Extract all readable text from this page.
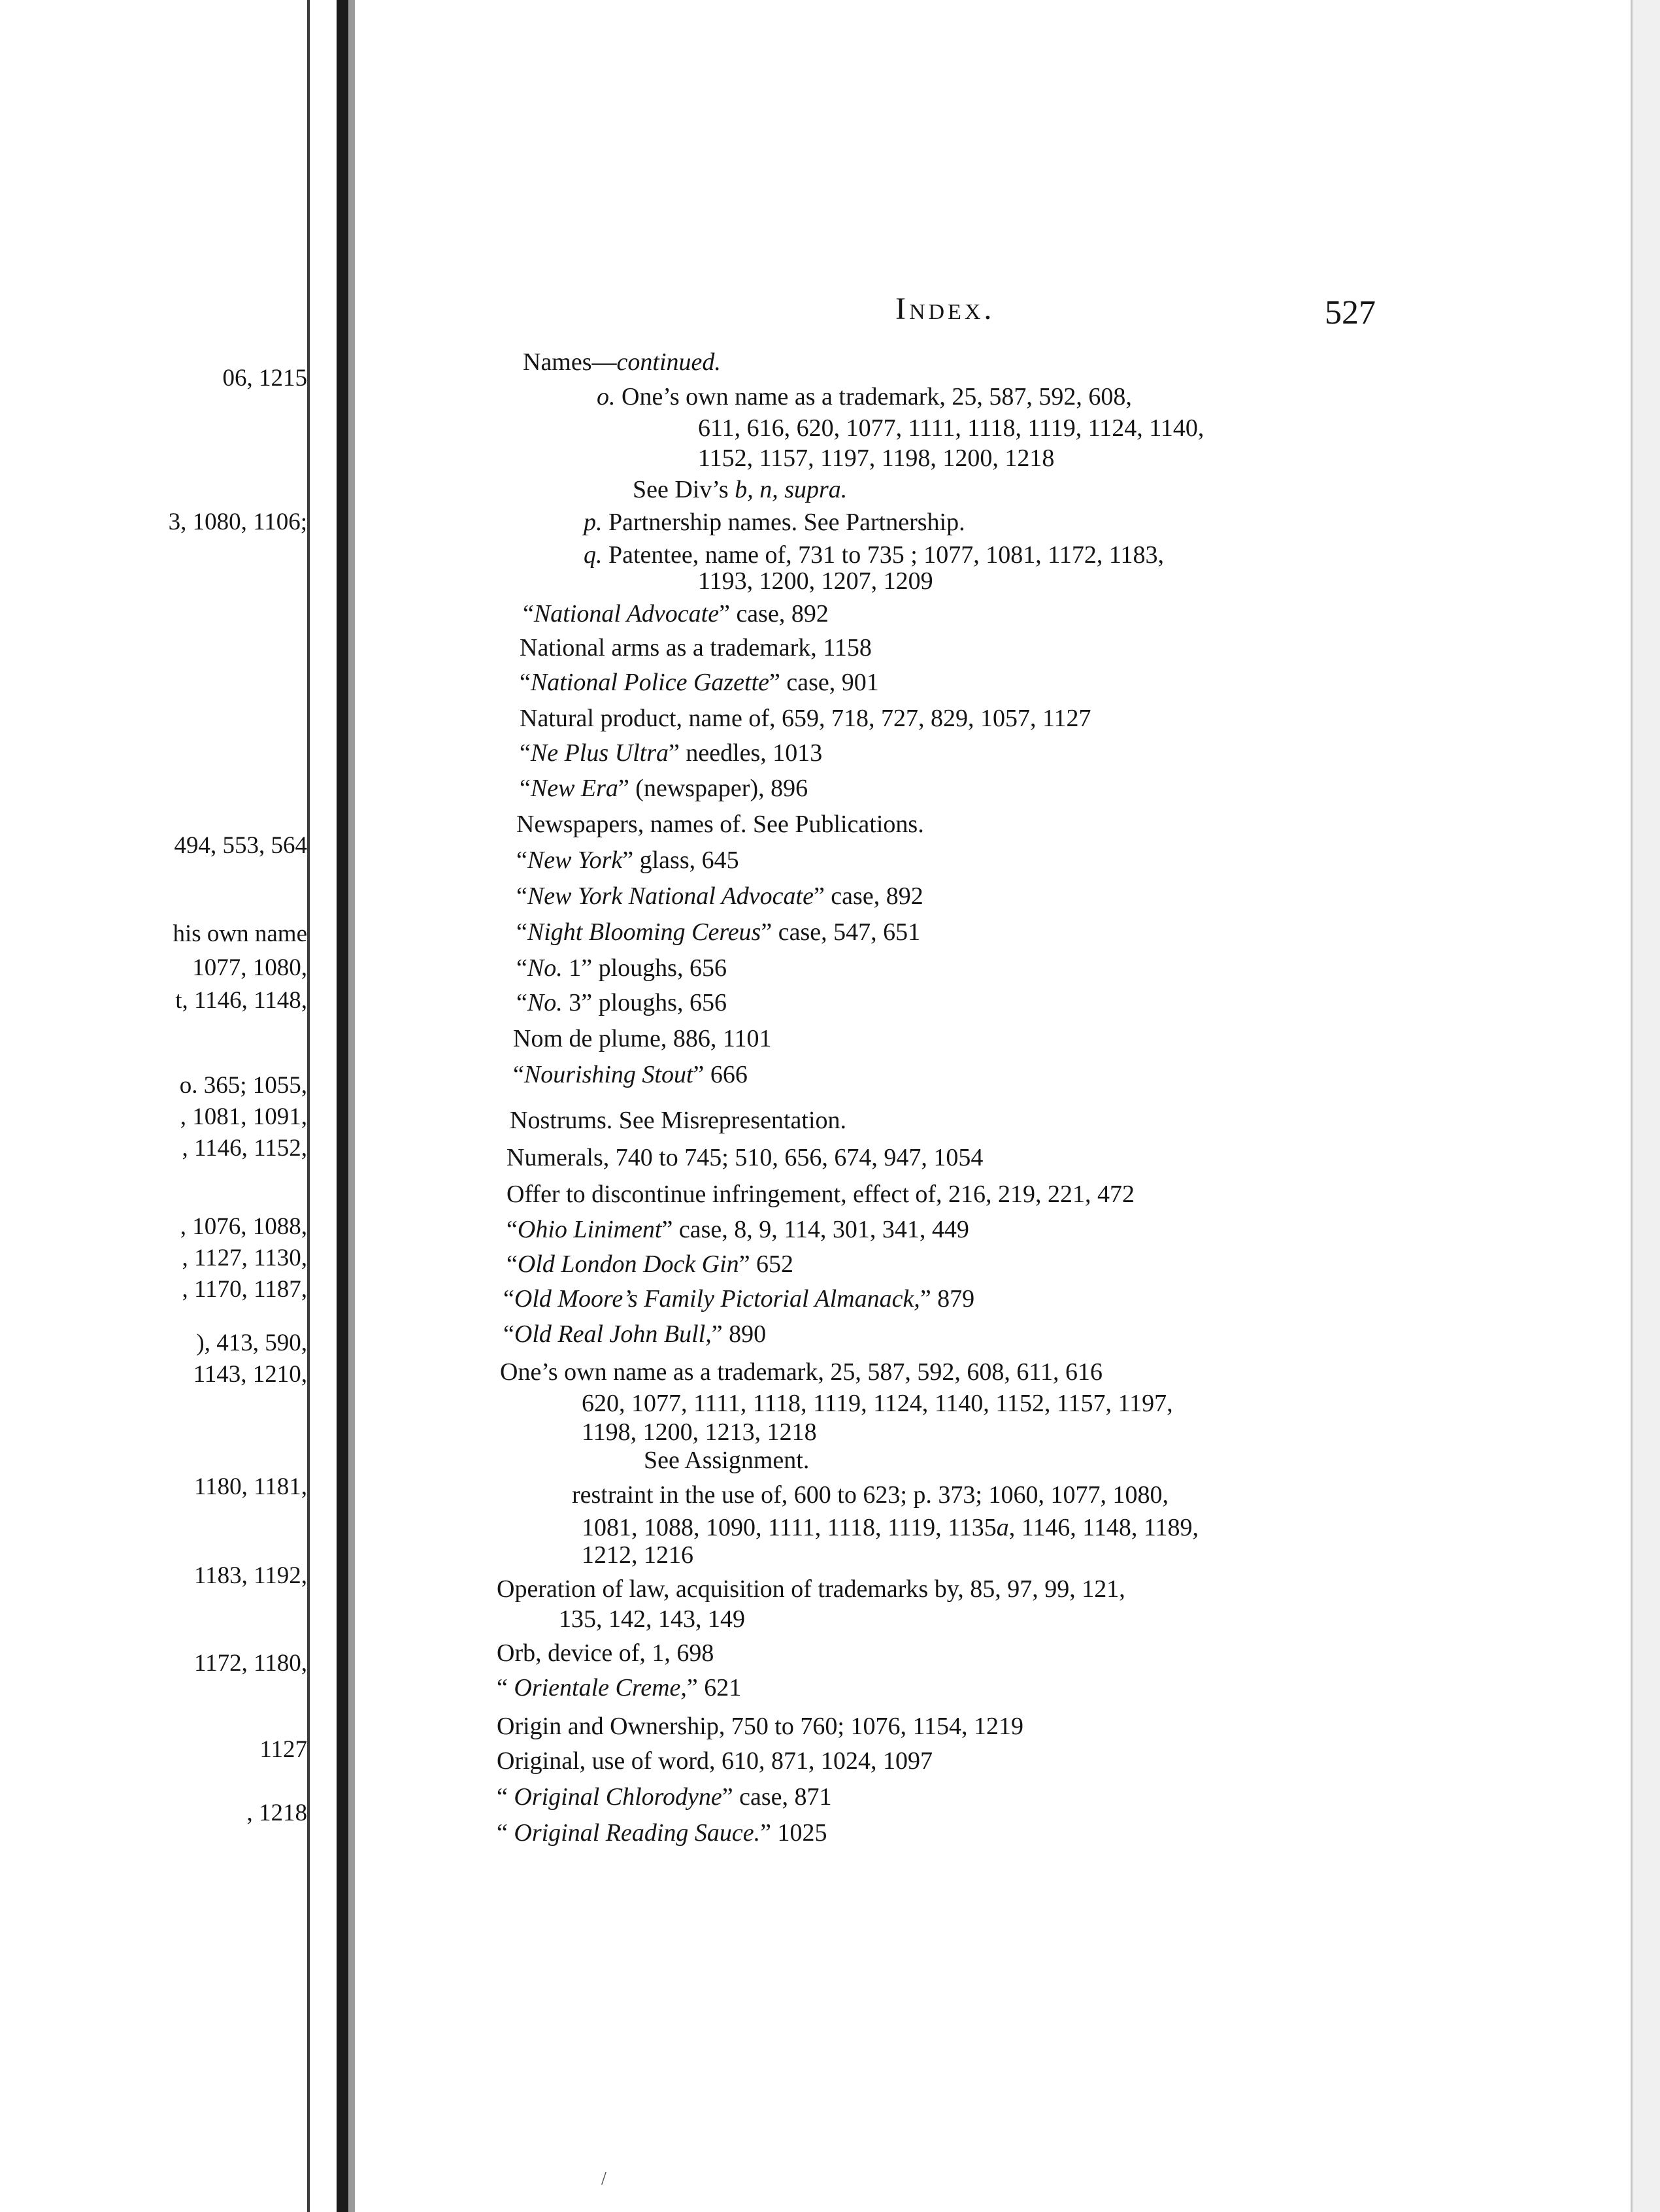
06, 1215
3, 1080, 1106;
494, 553, 564
his own name
1077, 1080,
t, 1146, 1148,
o. 365; 1055,
, 1081, 1091,
, 1146, 1152,
, 1076, 1088,
, 1127, 1130,
, 1170, 1187,
), 413, 590,
1143, 1210,
1180, 1181,
1183, 1192,
1172, 1180,
1127
, 1218
Index.	527
Names—continued.
o. One’s own name as a trademark, 25, 587, 592, 608,
611, 616, 620, 1077, 1111, 1118, 1119, 1124, 1140,
1152, 1157, 1197, 1198, 1200, 1218
See Div’s b, n, supra.
p. Partnership names. See Partnership.
q. Patentee, name of, 731 to 735 ; 1077, 1081, 1172, 1183,
1193, 1200, 1207, 1209
“National Advocate” case, 892
National arms as a trademark, 1158
“National Police Gazette” case, 901
Natural product, name of, 659, 718, 727, 829, 1057, 1127
“Ne Plus Ultra” needles, 1013
“New Era” (newspaper), 896
Newspapers, names of. See Publications.
“New York” glass, 645
“New York National Advocate” case, 892
“Night Blooming Cereus” case, 547, 651
“No. 1” ploughs, 656
“No. 3” ploughs, 656
Nom de plume, 886, 1101
“Nourishing Stout” 666
Nostrums. See Misrepresentation.
Numerals, 740 to 745; 510, 656, 674, 947, 1054
Offer to discontinue infringement, effect of, 216, 219, 221, 472
“Ohio Liniment” case, 8, 9, 114, 301, 341, 449
“Old London Dock Gin” 652
“Old Moore’s Family Pictorial Almanack,” 879
“Old Real John Bull,” 890
One’s own name as a trademark, 25, 587, 592, 608, 611, 616
620, 1077, 1111, 1118, 1119, 1124, 1140, 1152, 1157, 1197,
1198, 1200, 1213, 1218
See Assignment.
restraint in the use of, 600 to 623; p. 373; 1060, 1077, 1080,
1081, 1088, 1090, 1111, 1118, 1119, 1135a, 1146, 1148, 1189,
1212, 1216
Operation of law, acquisition of trademarks by, 85, 97, 99, 121,
135, 142, 143, 149
Orb, device of, 1, 698
“ Orientale Creme,” 621
Origin and Ownership, 750 to 760; 1076, 1154, 1219
Original, use of word, 610, 871, 1024, 1097
“ Original Chlorodyne” case, 871
“ Original Reading Sauce.” 1025
/
